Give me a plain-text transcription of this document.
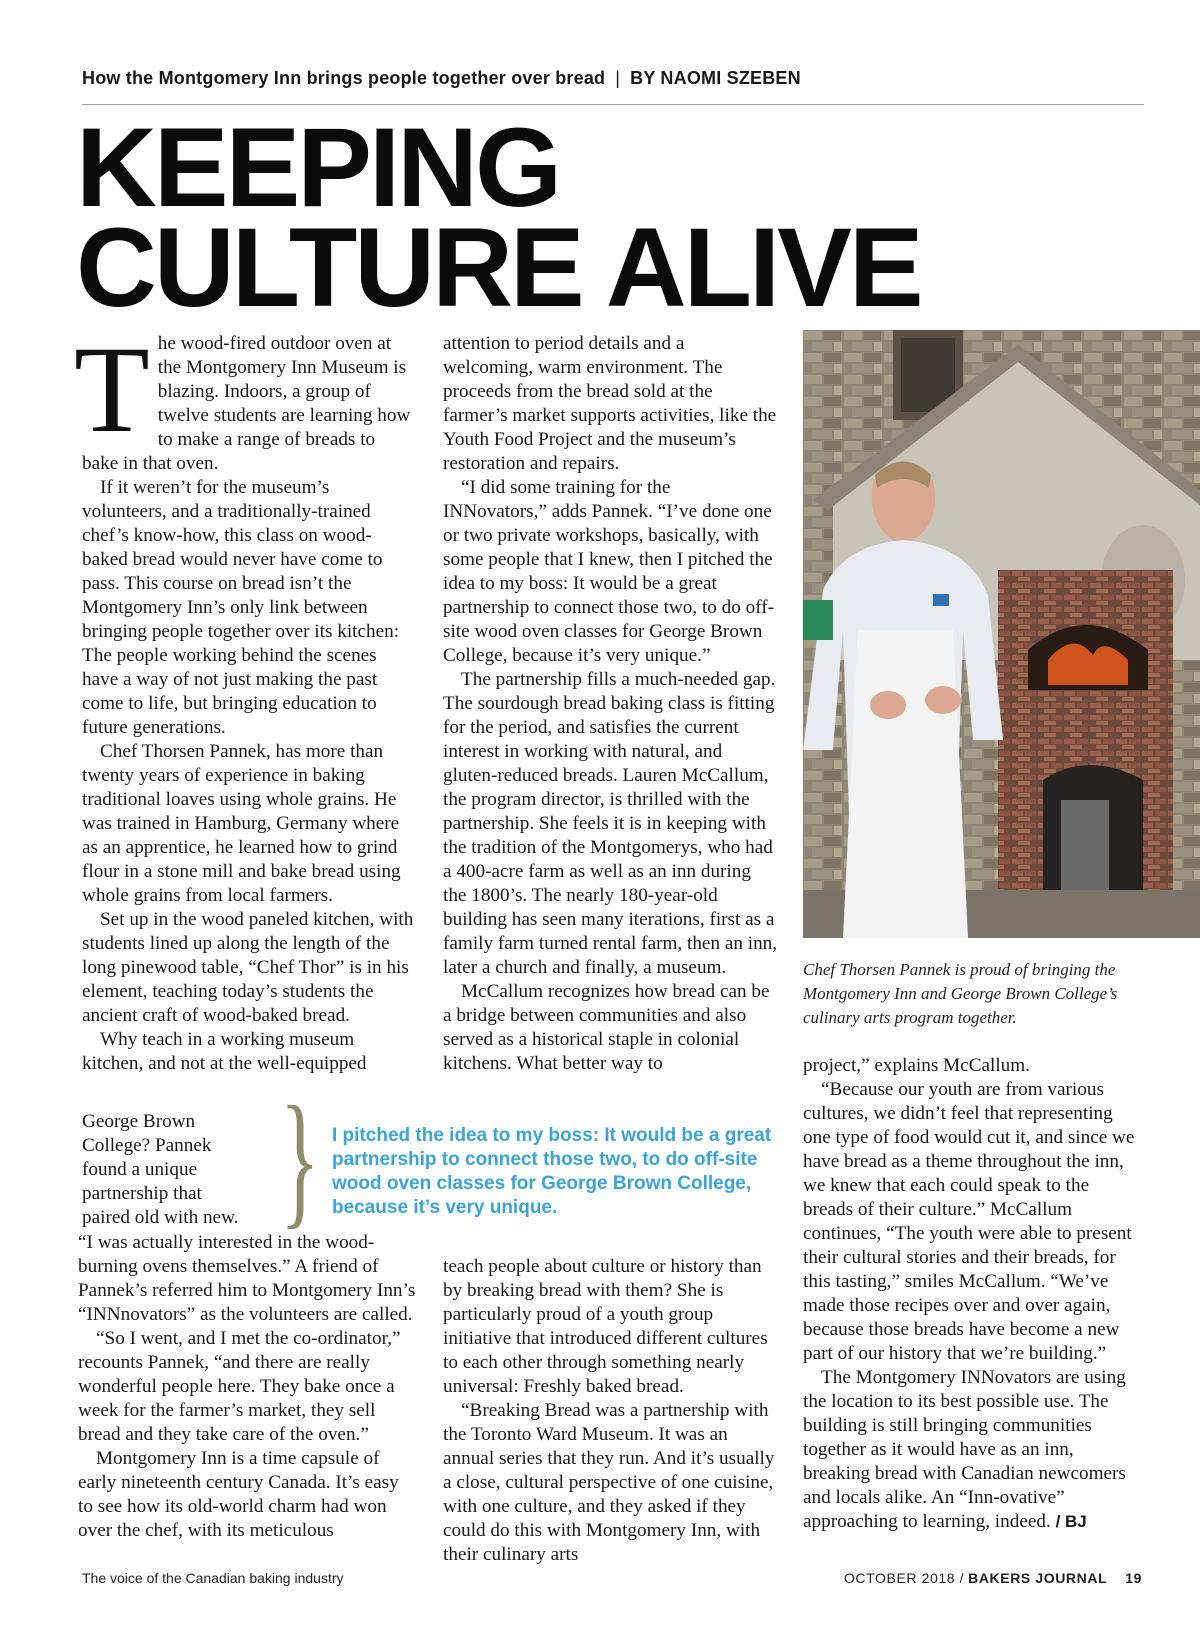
How the Montgomery Inn brings people together over bread | BY NAOMI SZEBEN
KEEPING
CULTURE ALIVE

The wood-fired outdoor oven at the Montgomery Inn Museum is blazing. Indoors, a group of twelve students are learning how to make a range of breads to bake in that oven.

If it weren’t for the museum’s volunteers, and a traditionally-trained chef’s know-how, this class on wood-baked bread would never have come to pass. This course on bread isn’t the Montgomery Inn’s only link between bringing people together over its kitchen: The people working behind the scenes have a way of not just making the past come to life, but bringing education to future generations.

Chef Thorsen Pannek, has more than twenty years of experience in baking traditional loaves using whole grains. He was trained in Hamburg, Germany where as an apprentice, he learned how to grind flour in a stone mill and bake bread using whole grains from local farmers.

Set up in the wood paneled kitchen, with students lined up along the length of the long pinewood table, “Chef Thor” is in his element, teaching today’s students the ancient craft of wood-baked bread.

Why teach in a working museum kitchen, and not at the well-equipped

George Brown College? Pannek found a unique partnership that paired old with new.

“I was actually interested in the wood-burning ovens themselves.” A friend of Pannek’s referred him to Montgomery Inn’s “INNnovators” as the volunteers are called.

“So I went, and I met the co-ordinator,” recounts Pannek, “and there are really wonderful people here. They bake once a week for the farmer’s market, they sell bread and they take care of the oven.”

Montgomery Inn is a time capsule of early nineteenth century Canada. It’s easy to see how its old-world charm had won over the chef, with its meticulous

attention to period details and a welcoming, warm environment. The proceeds from the bread sold at the farmer’s market supports activities, like the Youth Food Project and the museum’s restoration and repairs.

“I did some training for the INNovators,” adds Pannek. “I’ve done one or two private workshops, basically, with some people that I knew, then I pitched the idea to my boss: It would be a great partnership to connect those two, to do off-site wood oven classes for George Brown College, because it’s very unique.”

The partnership fills a much-needed gap. The sourdough bread baking class is fitting for the period, and satisfies the current interest in working with natural, and gluten-reduced breads. Lauren McCallum, the program director, is thrilled with the partnership. She feels it is in keeping with the tradition of the Montgomerys, who had a 400-acre farm as well as an inn during the 1800’s. The nearly 180-year-old building has seen many iterations, first as a family farm turned rental farm, then an inn, later a church and finally, a museum.

McCallum recognizes how bread can be a bridge between communities and also served as a historical staple in colonial kitchens. What better way to

teach people about culture or history than by breaking bread with them? She is particularly proud of a youth group initiative that introduced different cultures to each other through something nearly universal: Freshly baked bread.

“Breaking Bread was a partnership with the Toronto Ward Museum. It was an annual series that they run. And it’s usually a close, cultural perspective of one cuisine, with one culture, and they asked if they could do this with Montgomery Inn, with their culinary arts

} I pitched the idea to my boss: It would be a great partnership to connect those two, to do off-site wood oven classes for George Brown College, because it’s very unique.
Chef Thorsen Pannek is proud of bringing the Montgomery Inn and George Brown College’s culinary arts program together.

project,” explains McCallum.

“Because our youth are from various cultures, we didn’t feel that representing one type of food would cut it, and since we have bread as a theme throughout the inn, we knew that each could speak to the breads of their culture.” McCallum continues, “The youth were able to present their cultural stories and their breads, for this tasting,” smiles McCallum. “We’ve made those recipes over and over again, because those breads have become a new part of our history that we’re building.”

The Montgomery INNovators are using the location to its best possible use. The building is still bringing communities together as it would have as an inn, breaking bread with Canadian newcomers and locals alike. An “Inn-ovative” approaching to learning, indeed. / BJ

The voice of the Canadian baking industry	OCTOBER 2018 / BAKERS JOURNAL 19
